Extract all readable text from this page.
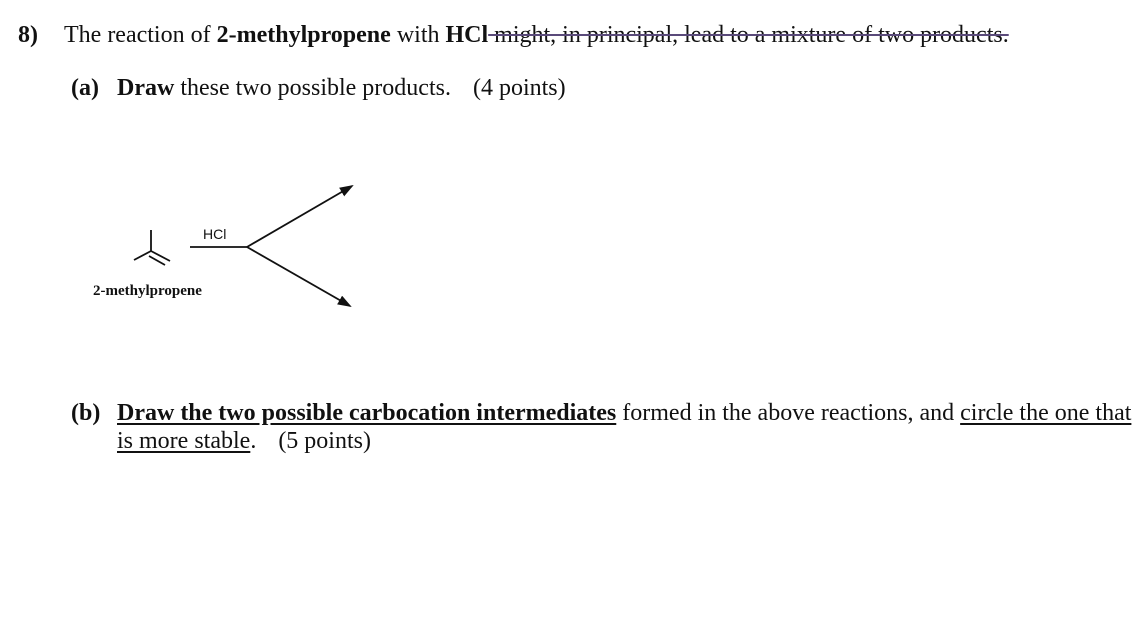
8) The reaction of 2-methylpropene with HCl might, in principal, lead to a mixture of two products.
(a) Draw these two possible products. (4 points)
HCl
2-methylpropene
(b) Draw the two possible carbocation intermediates formed in the above reactions, and circle the one that
is more stable. (5 points)
